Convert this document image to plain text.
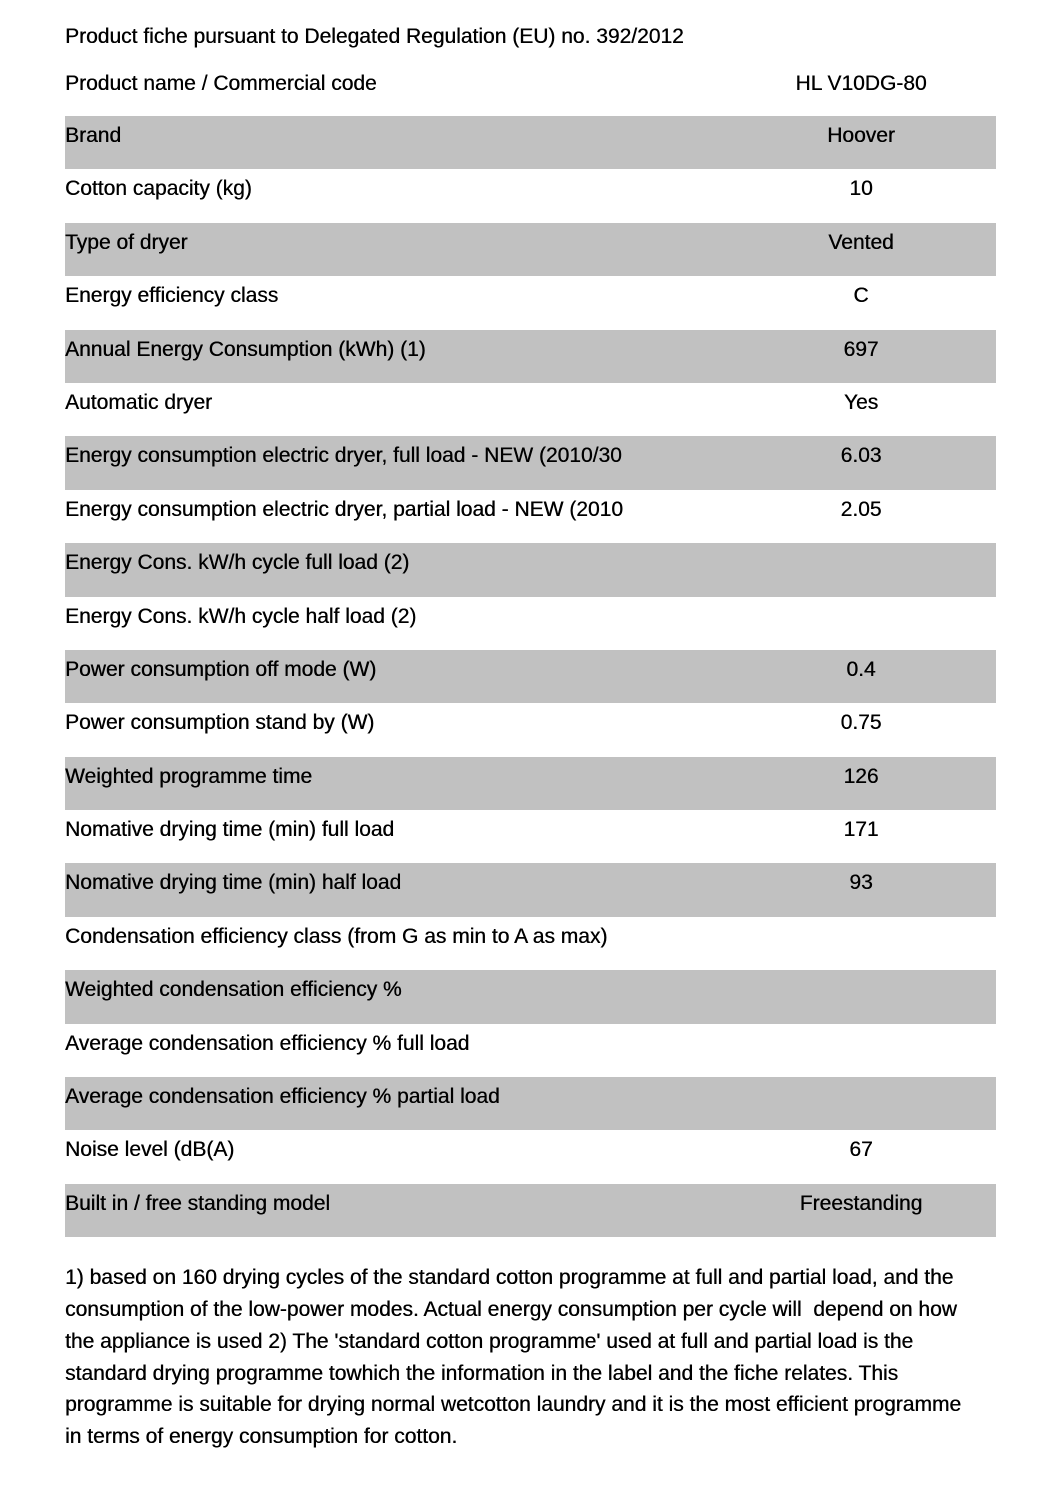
Product fiche pursuant to Delegated Regulation (EU) no. 392/2012
Product name / Commercial code	HL V10DG-80
Brand	Hoover
Cotton capacity (kg)	10
Type of dryer	Vented
Energy efficiency class	C
Annual Energy Consumption (kWh) (1)	697
Automatic dryer	Yes
Energy consumption electric dryer, full load - NEW (2010/30	6.03
Energy consumption electric dryer, partial load - NEW (2010	2.05
Energy Cons. kW/h cycle full load (2)
Energy Cons. kW/h cycle half load (2)
Power consumption off mode (W)	0.4
Power consumption stand by (W)	0.75
Weighted programme time	126
Nomative drying time (min) full load	171
Nomative drying time (min) half load	93
Condensation efficiency class (from G as min to A as max)
Weighted condensation efficiency %
Average condensation efficiency % full load
Average condensation efficiency % partial load
Noise level (dB(A)	67
Built in / free standing model	Freestanding
1) based on 160 drying cycles of the standard cotton programme at full and partial load, and the
consumption of the low-power modes. Actual energy consumption per cycle will  depend on how
the appliance is used 2) The 'standard cotton programme' used at full and partial load is the
standard drying programme towhich the information in the label and the fiche relates. This
programme is suitable for drying normal wetcotton laundry and it is the most efficient programme
in terms of energy consumption for cotton.
